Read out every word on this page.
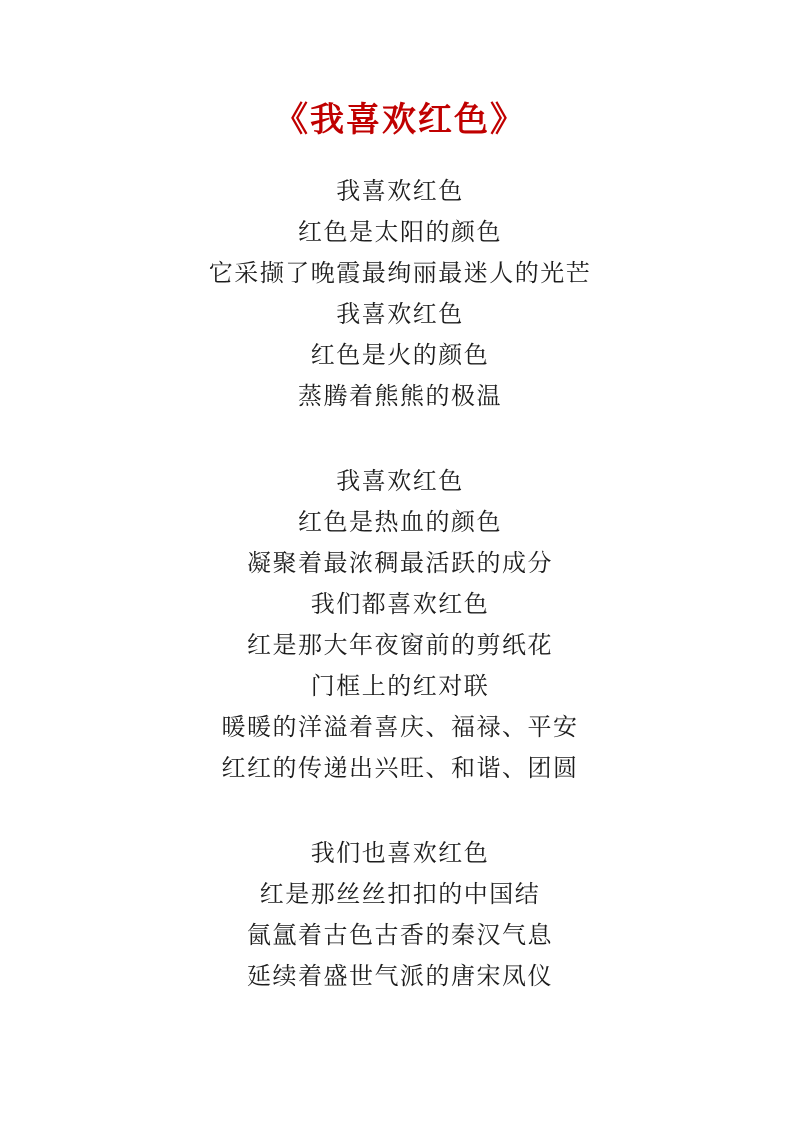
《我喜欢红色》

我喜欢红色

红色是太阳的颜色

它采撷了晚霞最绚丽最迷人的光芒

我喜欢红色

红色是火的颜色

蒸腾着熊熊的极温

我喜欢红色

红色是热血的颜色

凝聚着最浓稠最活跃的成分

我们都喜欢红色

红是那大年夜窗前的剪纸花

门框上的红对联

暖暖的洋溢着喜庆、福禄、平安

红红的传递出兴旺、和谐、团圆

我们也喜欢红色

红是那丝丝扣扣的中国结

氤氲着古色古香的秦汉气息

延续着盛世气派的唐宋凤仪
